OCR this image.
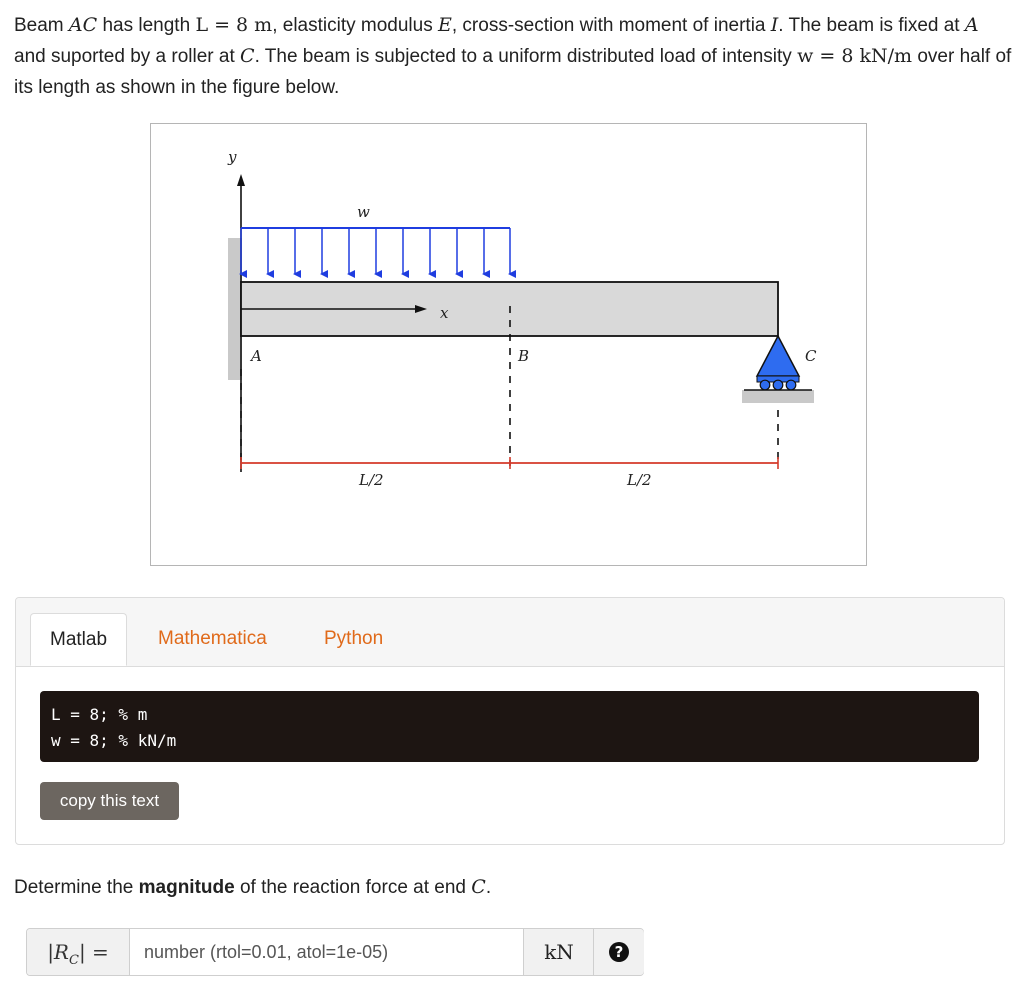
Beam AC has length L = 8 m, elasticity modulus E, cross-section with moment of inertia I. The beam is fixed at A and suported by a roller at C. The beam is subjected to a uniform distributed load of intensity w = 8 kN/m over half of its length as shown in the figure below.

y
x
w
A	B	C
L/2	L/2
Matlab	Mathematica	Python
L = 8; % m
w = 8; % kN/m
copy this text
Determine the magnitude of the reaction force at end C.
$|R_C|$ =
number (rtol=0.01, atol=1e-05)	kN	?
